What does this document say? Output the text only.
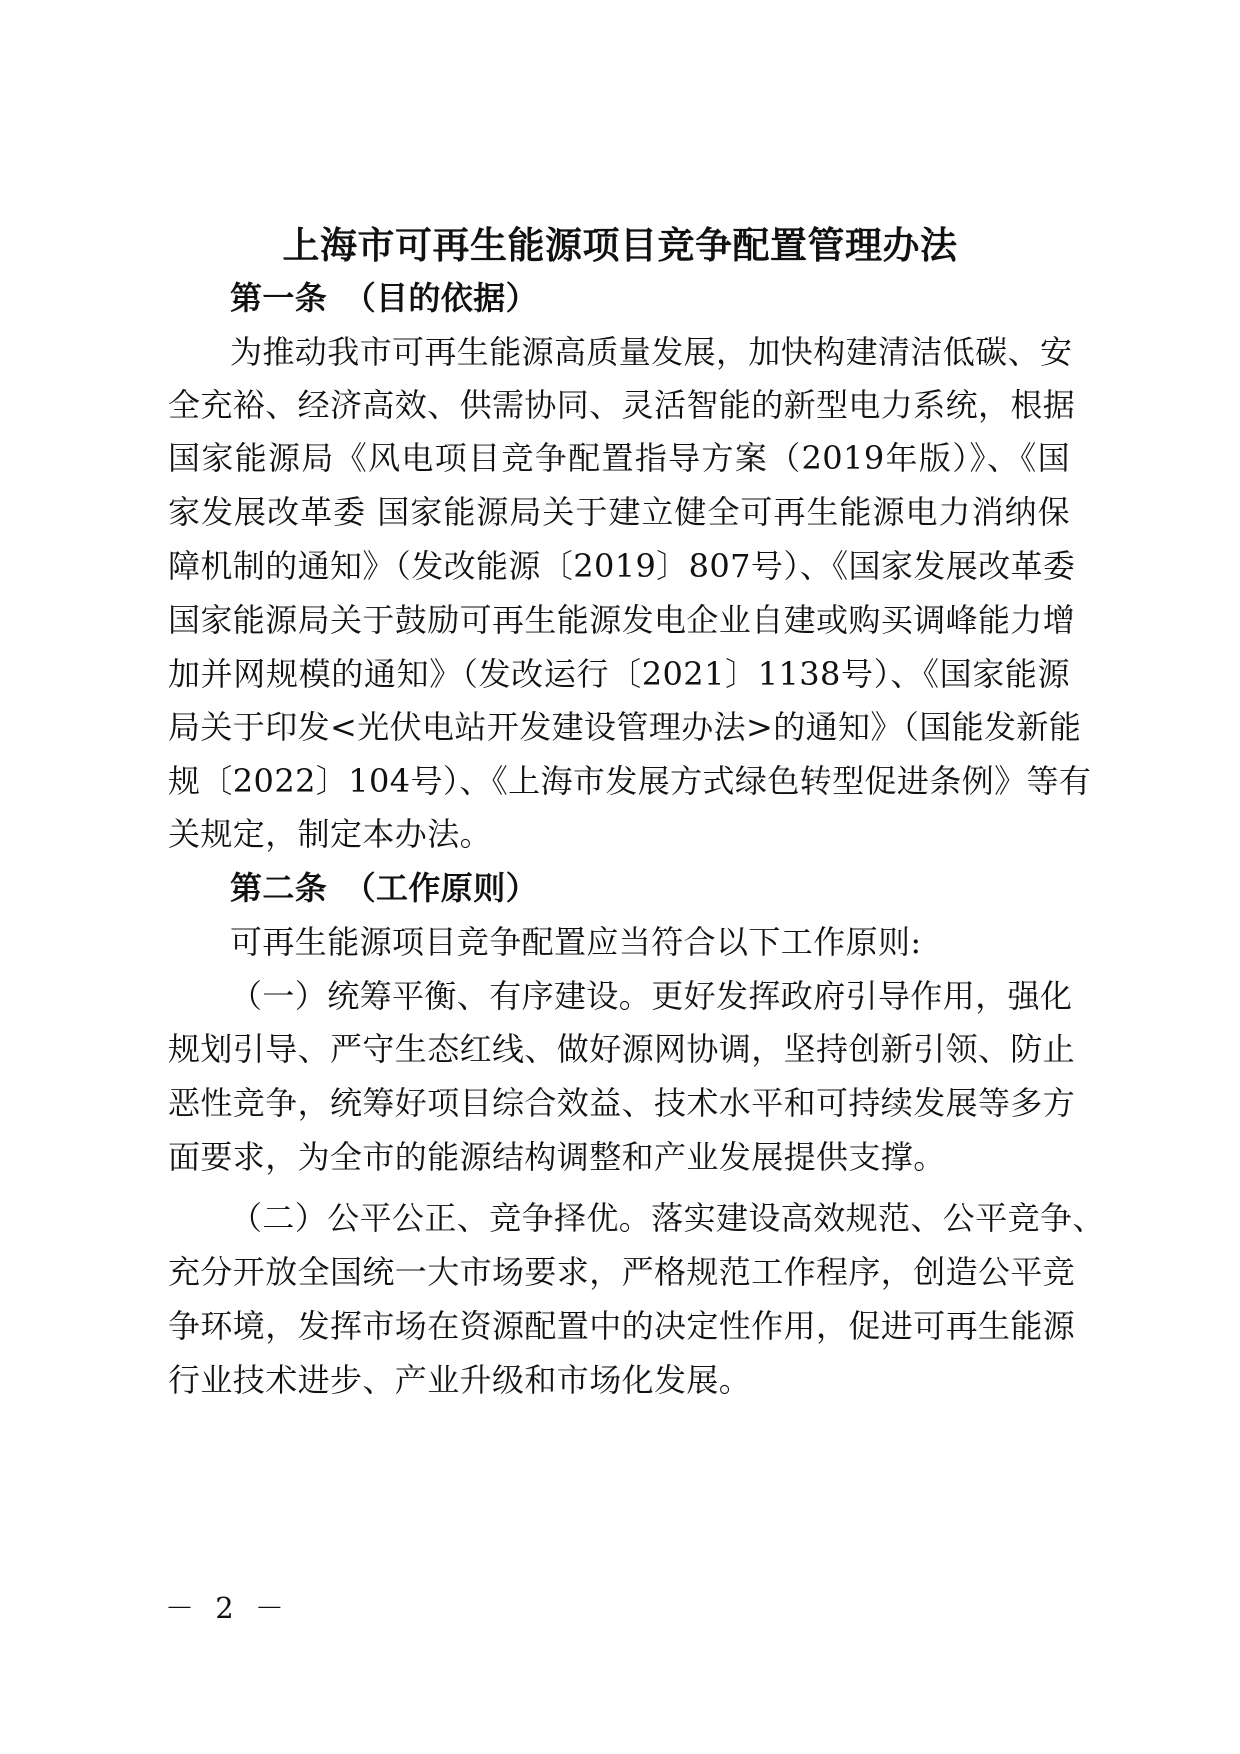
上海市可再生能源项目竞争配置管理办法
第一条　（目的依据）
为推动我市可再生能源高质量发展，加快构建清洁低碳、安
全充裕、经济高效、供需协同、灵活智能的新型电力系统，根据
国家能源局《风电项目竞争配置指导方案（2019年版）》、《国
家发展改革委 国家能源局关于建立健全可再生能源电力消纳保
障机制的通知》（发改能源〔2019〕807号）、《国家发展改革委
国家能源局关于鼓励可再生能源发电企业自建或购买调峰能力增
加并网规模的通知》（发改运行〔2021〕1138号）、《国家能源
局关于印发<光伏电站开发建设管理办法>的通知》（国能发新能
规〔2022〕104号）、《上海市发展方式绿色转型促进条例》等有
关规定，制定本办法。
第二条　（工作原则）
可再生能源项目竞争配置应当符合以下工作原则:
（一）统筹平衡、有序建设。更好发挥政府引导作用，强化
规划引导、严守生态红线、做好源网协调，坚持创新引领、防止
恶性竞争，统筹好项目综合效益、技术水平和可持续发展等多方
面要求，为全市的能源结构调整和产业发展提供支撑。
（二）公平公正、竞争择优。落实建设高效规范、公平竞争、
充分开放全国统一大市场要求，严格规范工作程序，创造公平竞
争环境，发挥市场在资源配置中的决定性作用，促进可再生能源
行业技术进步、产业升级和市场化发展。
－ 2 －
